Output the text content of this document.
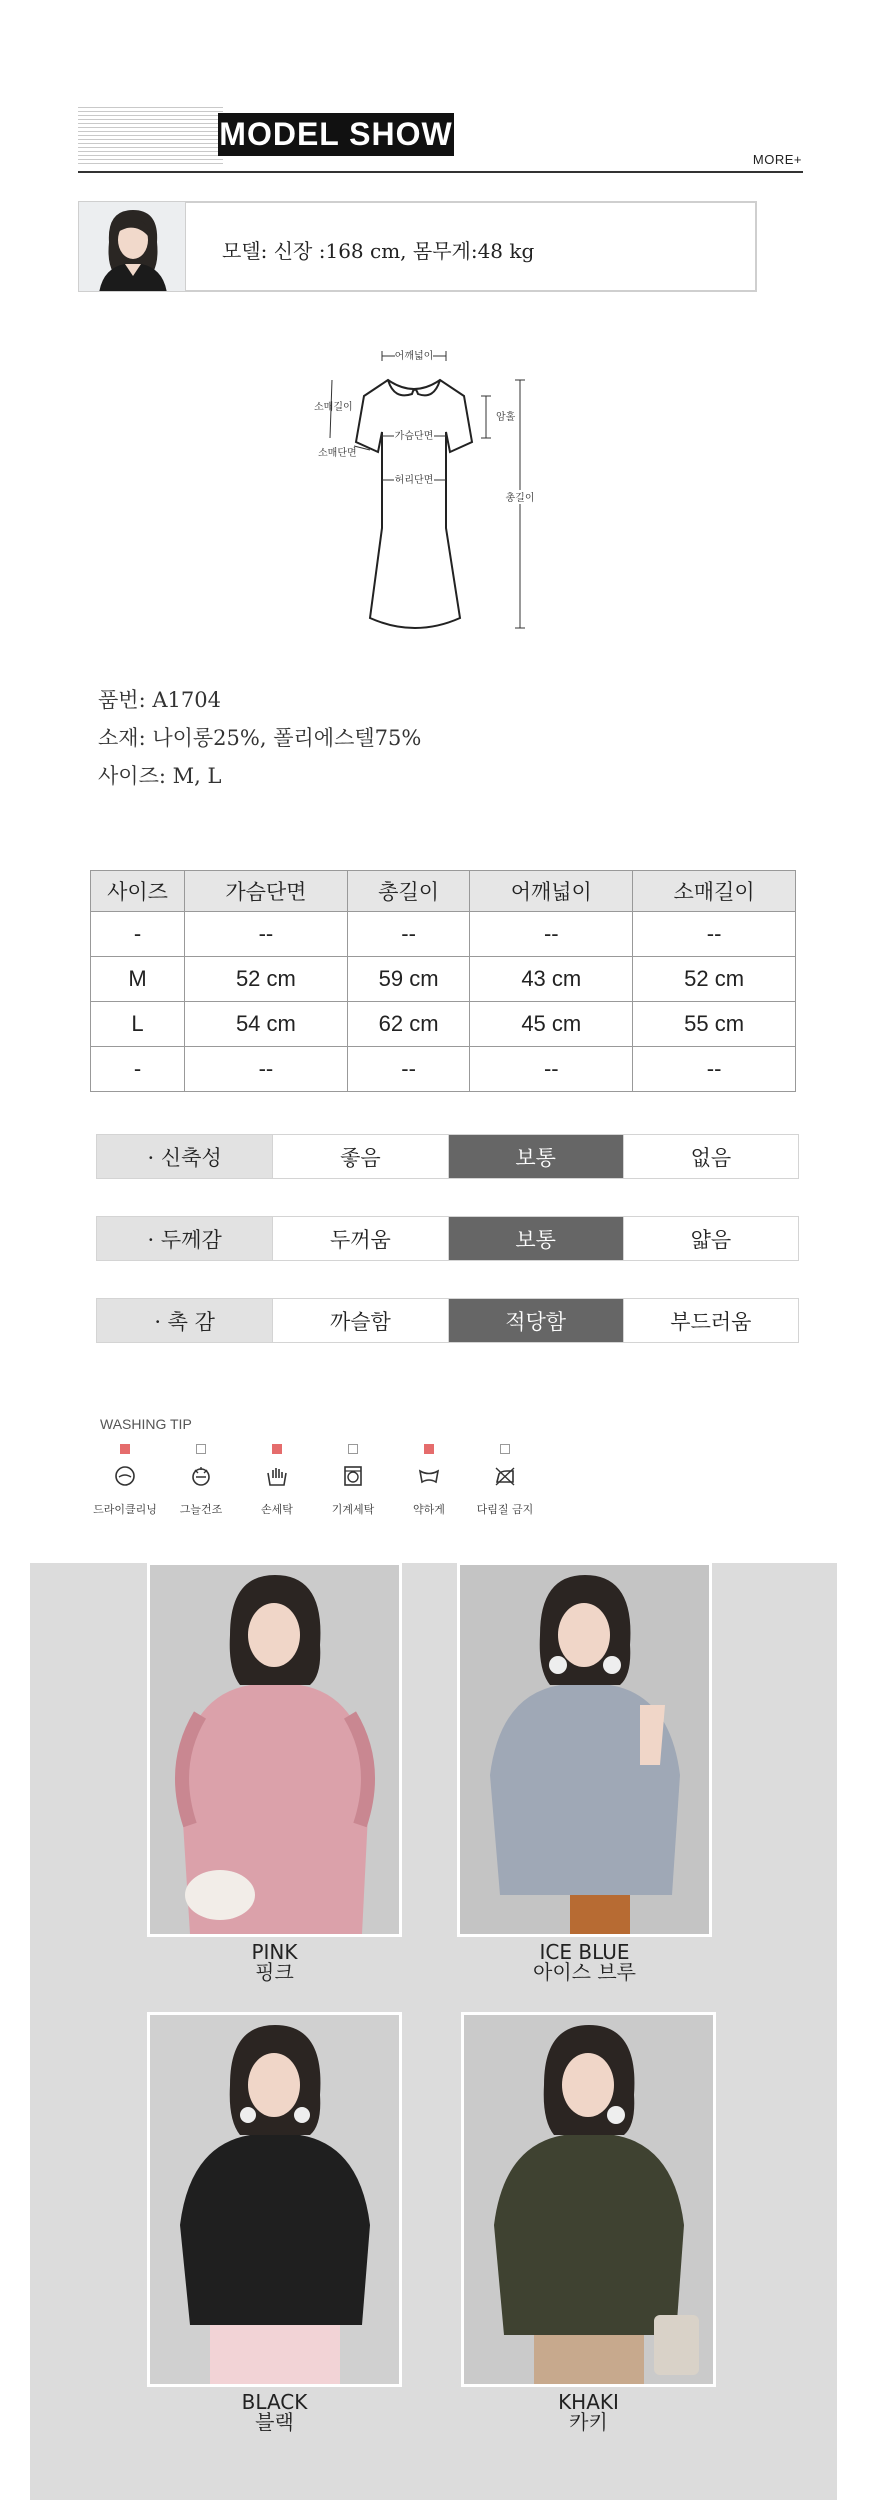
MODEL SHOW
MORE+
모델: 신장 :168 cm, 몸무게:48 kg
어깨넓이
가슴단면
허리단면
소매길이
소매단면
암홀
총길이
품번: A1704
소재: 나이롱25%, 폴리에스텔75%
사이즈: M, L
사이즈	가슴단면	총길이	어깨넓이	소매길이
-	--	--	--	--
M	52 cm	59 cm	43 cm	52 cm
L	54 cm	62 cm	45 cm	55 cm
-	--	--	--	--
· 신축성	좋음	보통	없음
· 두께감	두꺼움	보통	얇음
· 촉 감	까슬함	적당함	부드러움
WASHING TIP
드라이클리닝	그늘건조	손세탁	기계세탁	약하게	다림질 금지
PINK
핑크
ICE BLUE
아이스 브루
BLACK
블랙
KHAKI
카키
